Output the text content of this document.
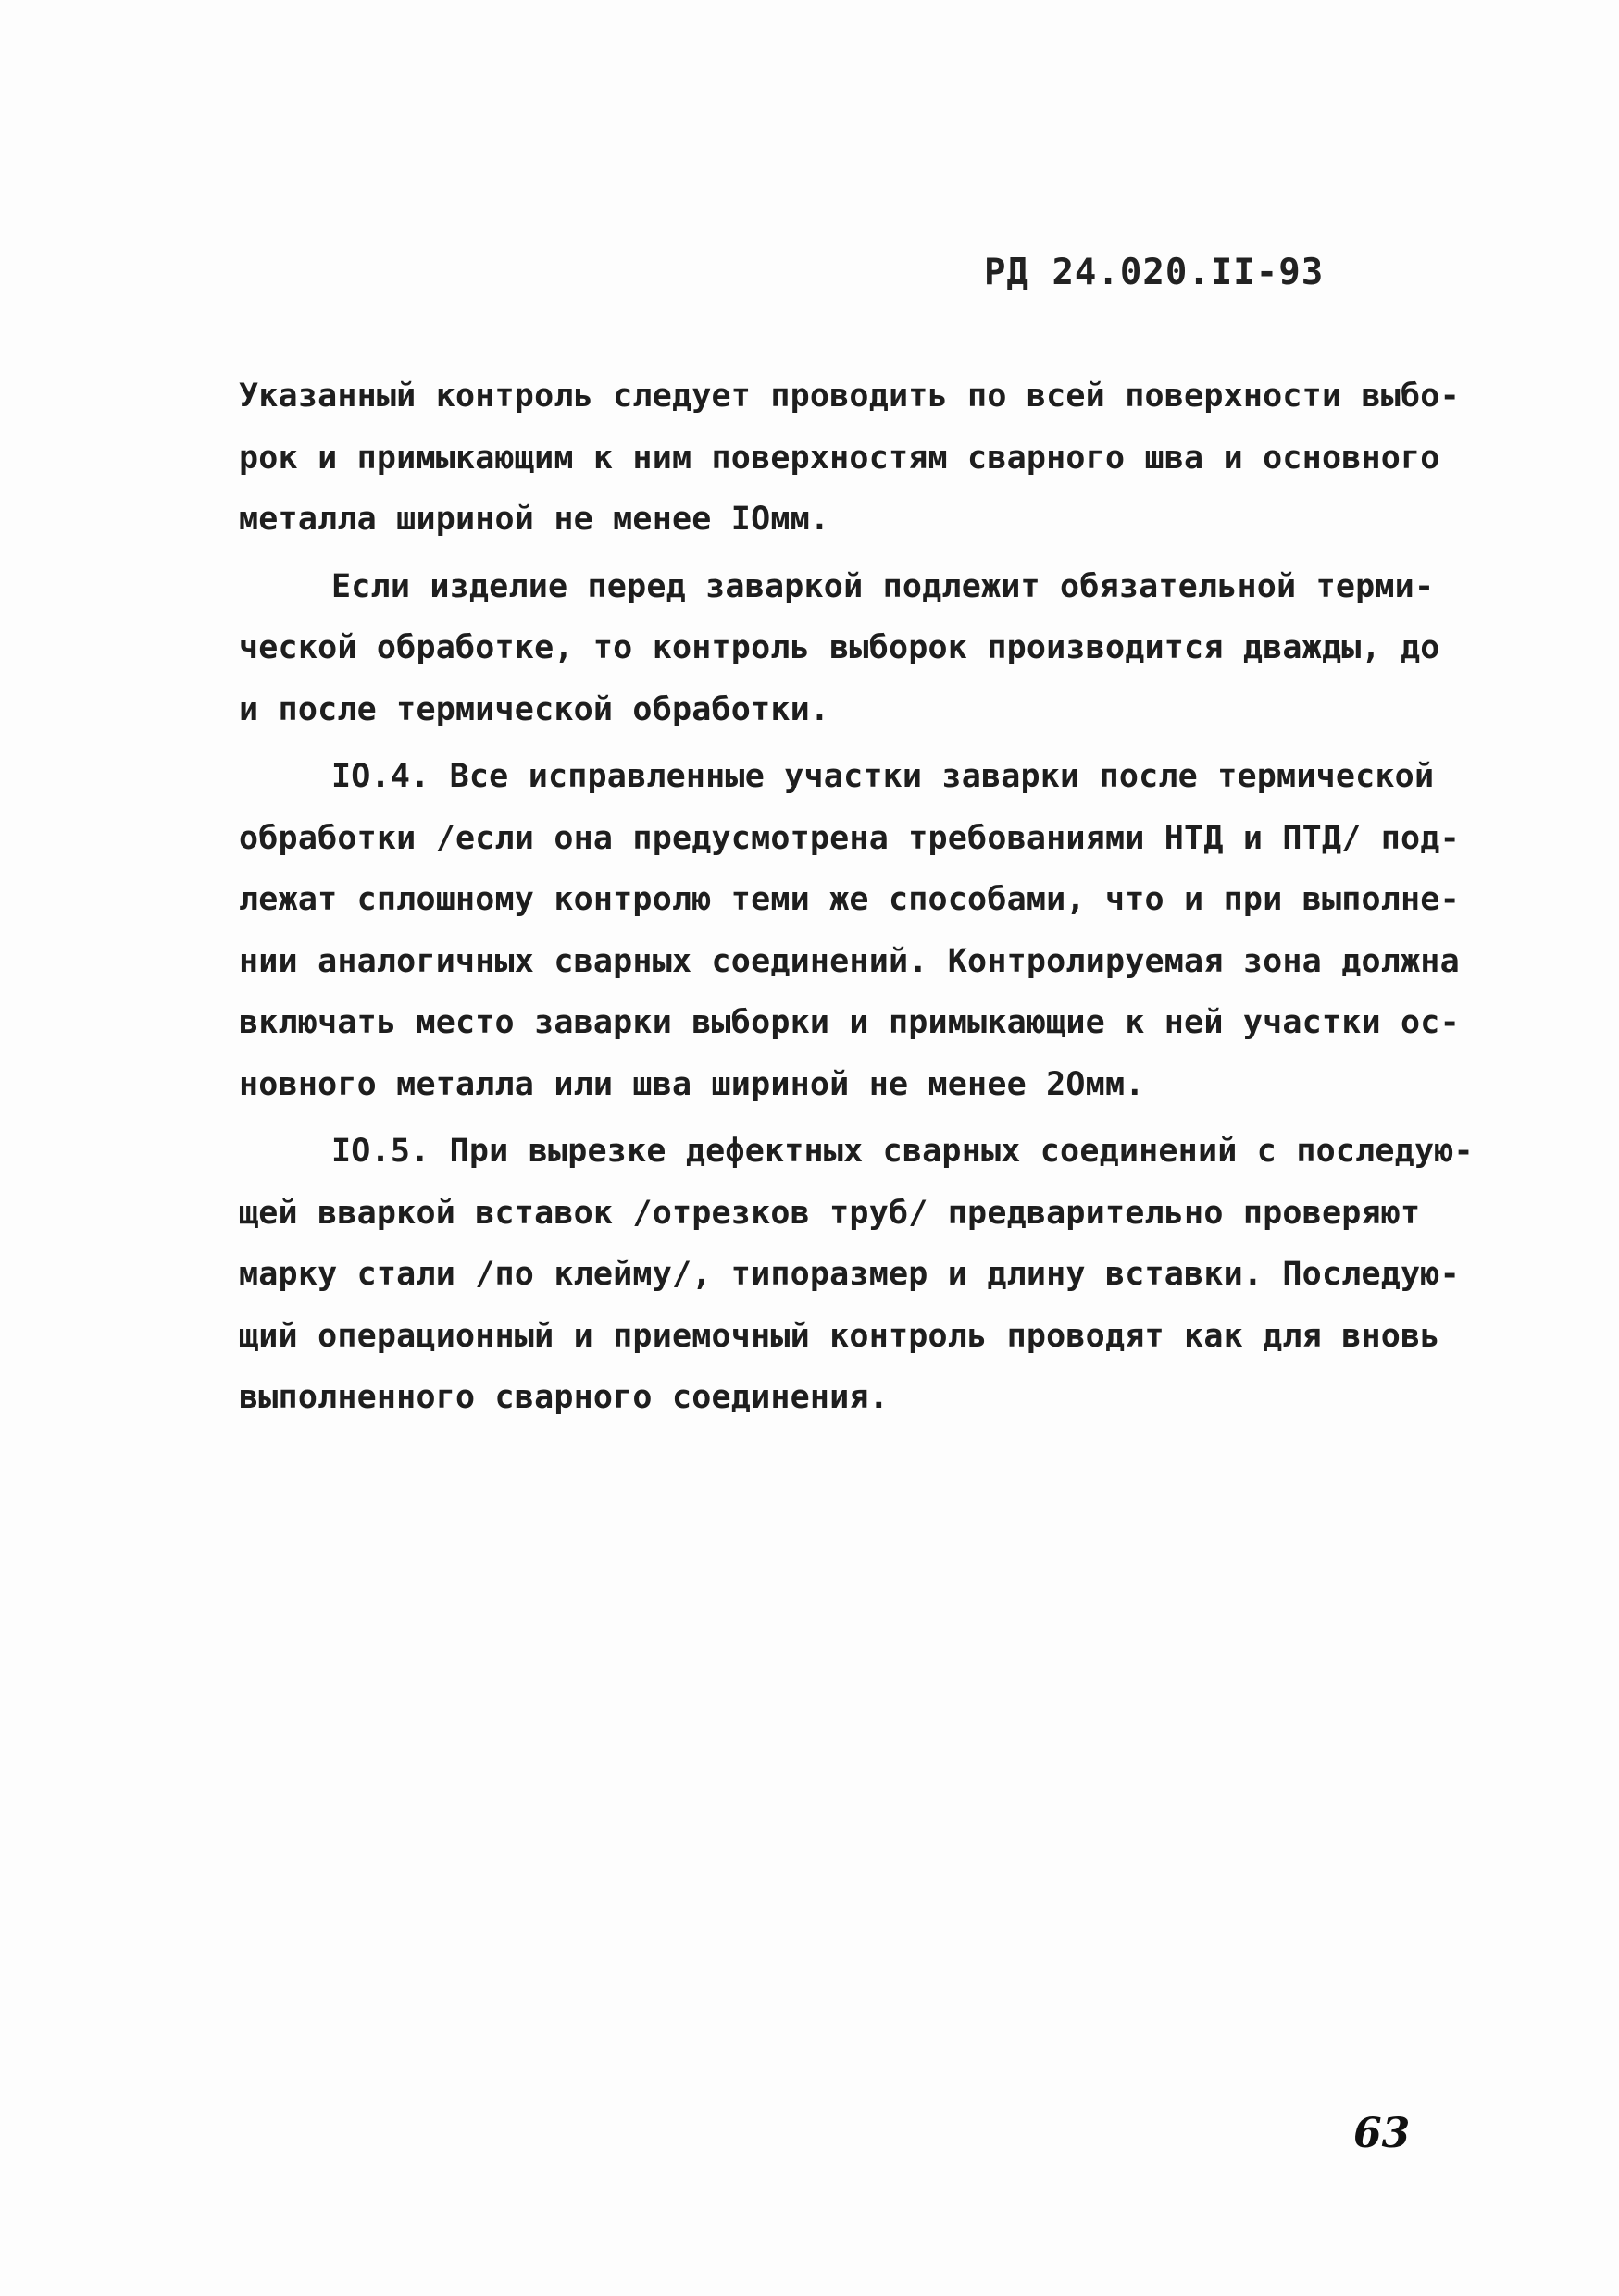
РД 24.020.II-93
Указанный контроль следует проводить по всей поверхности выбо-
рок и примыкающим к ним поверхностям сварного шва и основного
металла шириной не менее IОмм.
Если изделие перед заваркой подлежит обязательной терми-
ческой обработке, то контроль выборок производится дважды, до
и после термической обработки.
IO.4. Все исправленные участки заварки после термической
обработки /если она предусмотрена требованиями НТД и ПТД/ под-
лежат сплошному контролю теми же способами, что и при выполне-
нии аналогичных сварных соединений. Контролируемая зона должна
включать место заварки выборки и примыкающие к ней участки ос-
новного металла или шва шириной не менее 2Омм.
IO.5. При вырезке дефектных сварных соединений с последую-
щей вваркой вставок /отрезков труб/ предварительно проверяют
марку стали /по клейму/, типоразмер и длину вставки. Последую-
щий операционный и приемочный контроль проводят как для вновь
выполненного сварного соединения.
63
